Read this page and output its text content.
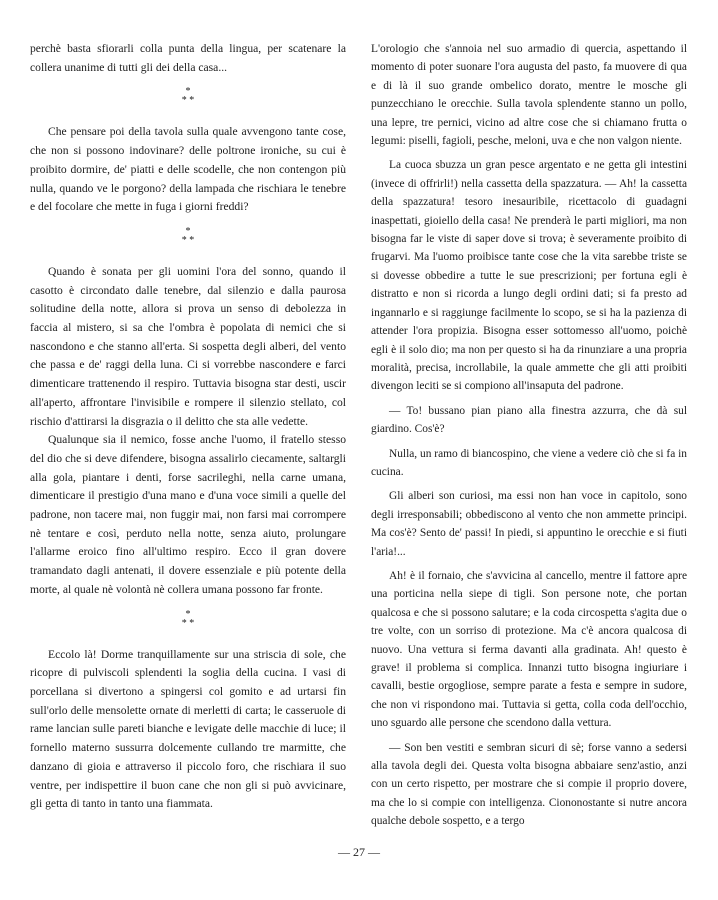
perchè basta sfiorarli colla punta della lingua, per scatenare la collera unanime di tutti gli dei della casa...

*
* *

Che pensare poi della tavola sulla quale avvengono tante cose, che non si possono indovinare? delle poltrone ironiche, su cui è proibito dormire, de' piatti e delle scodelle, che non contengon più nulla, quando ve le porgono? della lampada che rischiara le tenebre e del focolare che mette in fuga i giorni freddi?

*
* *

Quando è sonata per gli uomini l'ora del sonno, quando il casotto è circondato dalle tenebre, dal silenzio e dalla paurosa solitudine della notte, allora si prova un senso di debolezza in faccia al mistero, si sa che l'ombra è popolata di nemici che si nascondono e che stanno all'erta. Si sospetta degli alberi, del vento che passa e de' raggi della luna. Ci si vorrebbe nascondere e farci dimenticare trattenendo il respiro. Tuttavia bisogna star desti, uscir all'aperto, affrontare l'invisibile e rompere il silenzio stellato, col rischio d'attirarsi la disgrazia o il delitto che sta alle vedette.

Qualunque sia il nemico, fosse anche l'uomo, il fratello stesso del dio che si deve difendere, bisogna assalirlo ciecamente, saltargli alla gola, piantare i denti, forse sacrileghi, nella carne umana, dimenticare il prestigio d'una mano e d'una voce simili a quelle del padrone, non tacere mai, non fuggir mai, non farsi mai corrompere nè tentare e così, perduto nella notte, senza aiuto, prolungare l'allarme eroico fino all'ultimo respiro. Ecco il gran dovere tramandato dagli antenati, il dovere essenziale e più potente della morte, al quale nè volontà nè collera umana possono far fronte.

*
* *

Eccolo là! Dorme tranquillamente sur una striscia di sole, che ricopre di pulviscoli splendenti la soglia della cucina. I vasi di porcellana si divertono a spingersi col gomito e ad urtarsi fin sull'orlo delle mensolette ornate di merletti di carta; le casseruole di rame lancian sulle pareti bianche e levigate delle macchie di luce; il fornello materno sussurra dolcemente cullando tre marmitte, che danzano di gioia e attraverso il piccolo foro, che rischiara il suo ventre, per indispettire il buon cane che non gli si può avvicinare, gli getta di tanto in tanto una fiammata.

L'orologio che s'annoia nel suo armadio di quercia, aspettando il momento di poter suonare l'ora augusta del pasto, fa muovere di qua e di là il suo grande ombelico dorato, mentre le mosche gli punzecchiano le orecchie. Sulla tavola splendente stanno un pollo, una lepre, tre pernici, vicino ad altre cose che si chiamano frutta o legumi: piselli, fagioli, pesche, meloni, uva e che non valgon niente.

La cuoca sbuzza un gran pesce argentato e ne getta gli intestini (invece di offrirli!) nella cassetta della spazzatura. — Ah! la cassetta della spazzatura! tesoro inesauribile, ricettacolo di guadagni inaspettati, gioiello della casa! Ne prenderà le parti migliori, ma non bisogna far le viste di saper dove si trova; è severamente proibito di frugarvi. Ma l'uomo proibisce tante cose che la vita sarebbe triste se si dovesse obbedire a tutte le sue prescrizioni; per fortuna egli è distratto e non si ricorda a lungo degli ordini dati; si fa presto ad ingannarlo e si raggiunge facilmente lo scopo, se si ha la pazienza di attender l'ora propizia. Bisogna esser sottomesso all'uomo, poichè egli è il solo dio; ma non per questo si ha da rinunziare a una propria moralità, precisa, incrollabile, la quale ammette che gli atti proibiti divengon leciti se si compiono all'insaputa del padrone.

— To! bussano pian piano alla finestra azzurra, che dà sul giardino. Cos'è?

Nulla, un ramo di biancospino, che viene a vedere ciò che si fa in cucina.

Gli alberi son curiosi, ma essi non han voce in capitolo, sono degli irresponsabili; obbediscono al vento che non ammette principi. Ma cos'è? Sento de' passi! In piedi, si appuntino le orecchie e si fiuti l'aria!...

Ah! è il fornaio, che s'avvicina al cancello, mentre il fattore apre una porticina nella siepe di tigli. Son persone note, che portan qualcosa e che si possono salutare; e la coda circospetta s'agita due o tre volte, con un sorriso di protezione. Ma c'è ancora qualcosa di nuovo. Una vettura si ferma davanti alla gradinata. Ah! questo è grave! il problema si complica. Innanzi tutto bisogna ingiuriare i cavalli, bestie orgogliose, sempre parate a festa e sempre in sudore, che non vi rispondono mai. Tuttavia si getta, colla coda dell'occhio, uno sguardo alle persone che scendono dalla vettura.

— Son ben vestiti e sembran sicuri di sè; forse vanno a sedersi alla tavola degli dei. Questa volta bisogna abbaiare senz'astio, anzi con un certo rispetto, per mostrare che si compie il proprio dovere, ma che lo si compie con intelligenza. Ciononostante si nutre ancora qualche debole sospetto, e a tergo

— 27 —
